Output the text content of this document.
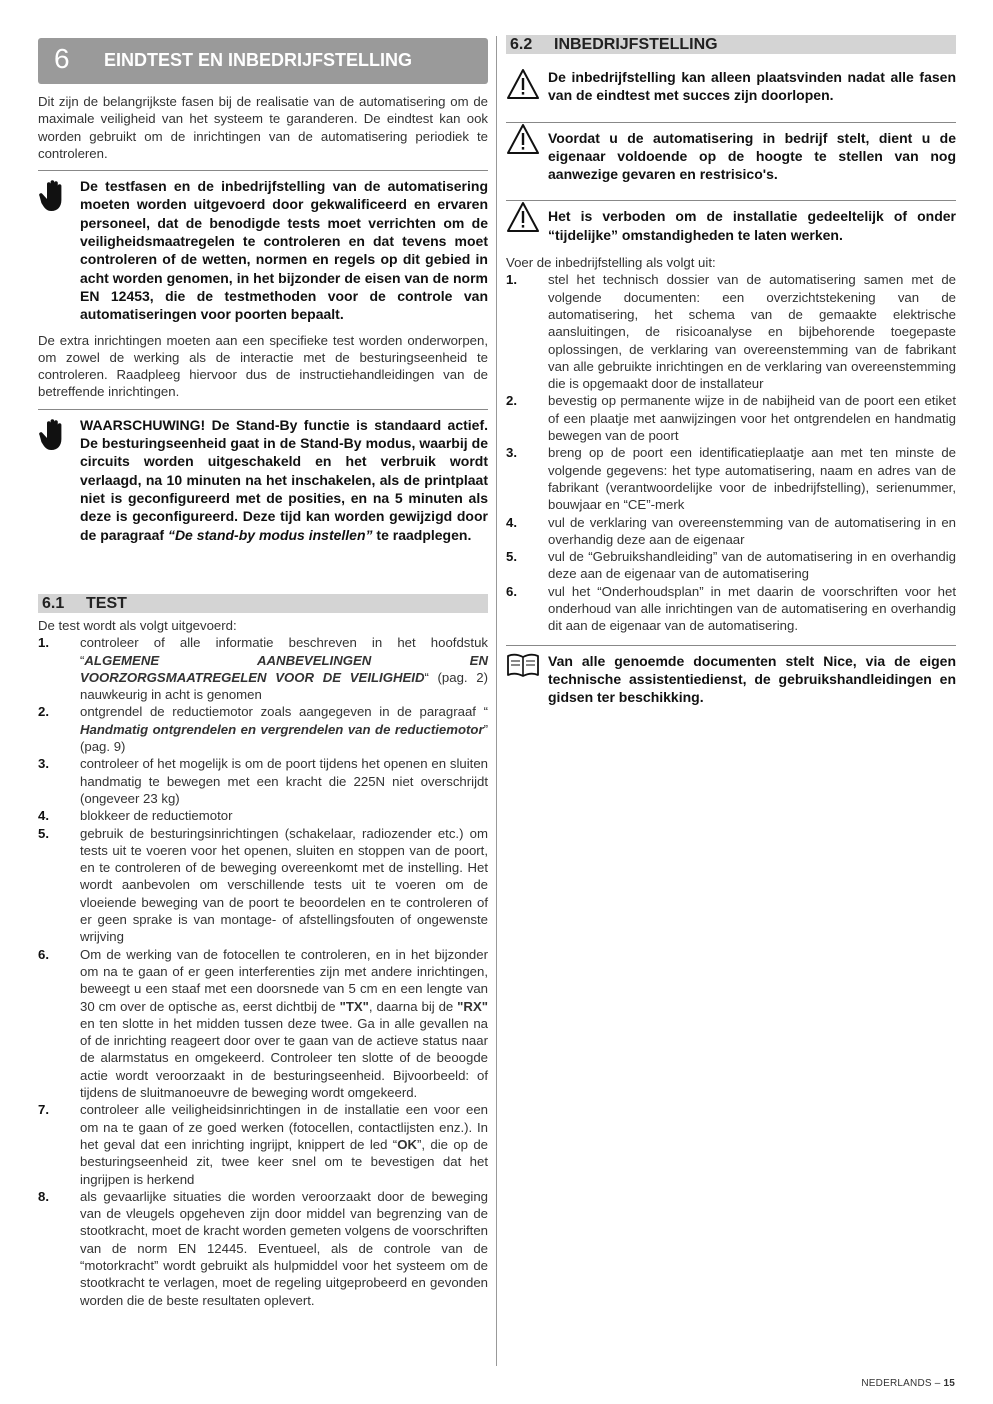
6 EINDTEST EN INBEDRIJFSTELLING

Dit zijn de belangrijkste fasen bij de realisatie van de automatisering om de maximale veiligheid van het systeem te garanderen. De eindtest kan ook worden gebruikt om de inrichtingen van de automatisering periodiek te controleren.

De testfasen en de inbedrijfstelling van de automatisering moeten worden uitgevoerd door gekwalificeerd en ervaren personeel, dat de benodigde tests moet verrichten om de veiligheidsmaatregelen te controleren en dat tevens moet controleren of de wetten, normen en regels op dit gebied in acht worden genomen, in het bijzonder de eisen van de norm EN 12453, die de testmethoden voor de controle van automatiseringen voor poorten bepaalt.

De extra inrichtingen moeten aan een specifieke test worden onderworpen, om zowel de werking als de interactie met de besturingseenheid te controleren. Raadpleeg hiervoor dus de instructiehandleidingen van de betreffende inrichtingen.

WAARSCHUWING! De Stand-By functie is standaard actief. De besturingseenheid gaat in de Stand-By modus, waarbij de circuits worden uitgeschakeld en het verbruik wordt verlaagd, na 10 minuten na het inschakelen, als de printplaat niet is geconfigureerd met de posities, en na 5 minuten als deze is geconfigureerd. Deze tijd kan worden gewijzigd door de paragraaf “De stand-by modus instellen” te raadplegen.
6.1 TEST

De test wordt als volgt uitgevoerd:

1. controleer of alle informatie beschreven in het hoofdstuk “ALGEMENE AANBEVELINGEN EN VOORZORGSMAATREGELEN VOOR DE VEILIGHEID“ (pag. 2) nauwkeurig in acht is genomen
2. ontgrendel de reductiemotor zoals aangegeven in de paragraaf “ Handmatig ontgrendelen en vergrendelen van de reductiemotor” (pag. 9)
3. controleer of het mogelijk is om de poort tijdens het openen en sluiten handmatig te bewegen met een kracht die 225N niet overschrijdt (ongeveer 23 kg)
4. blokkeer de reductiemotor
5. gebruik de besturingsinrichtingen (schakelaar, radiozender etc.) om tests uit te voeren voor het openen, sluiten en stoppen van de poort, en te controleren of de beweging overeenkomt met de instelling. Het wordt aanbevolen om verschillende tests uit te voeren om de vloeiende beweging van de poort te beoordelen en te controleren of er geen sprake is van montage- of afstellingsfouten of ongewenste wrijving
6. Om de werking van de fotocellen te controleren, en in het bijzonder om na te gaan of er geen interferenties zijn met andere inrichtingen, beweegt u een staaf met een doorsnede van 5 cm en een lengte van 30 cm over de optische as, eerst dichtbij de "TX", daarna bij de "RX" en ten slotte in het midden tussen deze twee. Ga in alle gevallen na of de inrichting reageert door over te gaan van de actieve status naar de alarmstatus en omgekeerd. Controleer ten slotte of de beoogde actie wordt veroorzaakt in de besturingseenheid. Bijvoorbeeld: of tijdens de sluitmanoeuvre de beweging wordt omgekeerd.
7. controleer alle veiligheidsinrichtingen in de installatie een voor een om na te gaan of ze goed werken (fotocellen, contactlijsten enz.). In het geval dat een inrichting ingrijpt, knippert de led “OK”, die op de besturingseenheid zit, twee keer snel om te bevestigen dat het ingrijpen is herkend
8. als gevaarlijke situaties die worden veroorzaakt door de beweging van de vleugels opgeheven zijn door middel van begrenzing van de stootkracht, moet de kracht worden gemeten volgens de voorschriften van de norm EN 12445. Eventueel, als de controle van de “motorkracht” wordt gebruikt als hulpmiddel voor het systeem om de stootkracht te verlagen, moet de regeling uitgeprobeerd en gevonden worden die de beste resultaten oplevert.
6.2 INBEDRIJFSTELLING
De inbedrijfstelling kan alleen plaatsvinden nadat alle fasen van de eindtest met succes zijn doorlopen.
Voordat u de automatisering in bedrijf stelt, dient u de eigenaar voldoende op de hoogte te stellen van nog aanwezige gevaren en restrisico's.
Het is verboden om de installatie gedeeltelijk of onder “tijdelijke” omstandigheden te laten werken.

Voer de inbedrijfstelling als volgt uit:

1. stel het technisch dossier van de automatisering samen met de volgende documenten: een overzichtstekening van de automatisering, het schema van de gemaakte elektrische aansluitingen, de risicoanalyse en bijbehorende toegepaste oplossingen, de verklaring van overeenstemming van de fabrikant van alle gebruikte inrichtingen en de verklaring van overeenstemming die is opgemaakt door de installateur
2. bevestig op permanente wijze in de nabijheid van de poort een etiket of een plaatje met aanwijzingen voor het ontgrendelen en handmatig bewegen van de poort
3. breng op de poort een identificatieplaatje aan met ten minste de volgende gegevens: het type automatisering, naam en adres van de fabrikant (verantwoordelijke voor de inbedrijfstelling), serienummer, bouwjaar en “CE”-merk
4. vul de verklaring van overeenstemming van de automatisering in en overhandig deze aan de eigenaar
5. vul de “Gebruikshandleiding” van de automatisering in en overhandig deze aan de eigenaar van de automatisering
6. vul het “Onderhoudsplan” in met daarin de voorschriften voor het onderhoud van alle inrichtingen van de automatisering en overhandig dit aan de eigenaar van de automatisering.
Van alle genoemde documenten stelt Nice, via de eigen technische assistentiedienst, de gebruikshandleidingen en gidsen ter beschikking.
NEDERLANDS – 15
